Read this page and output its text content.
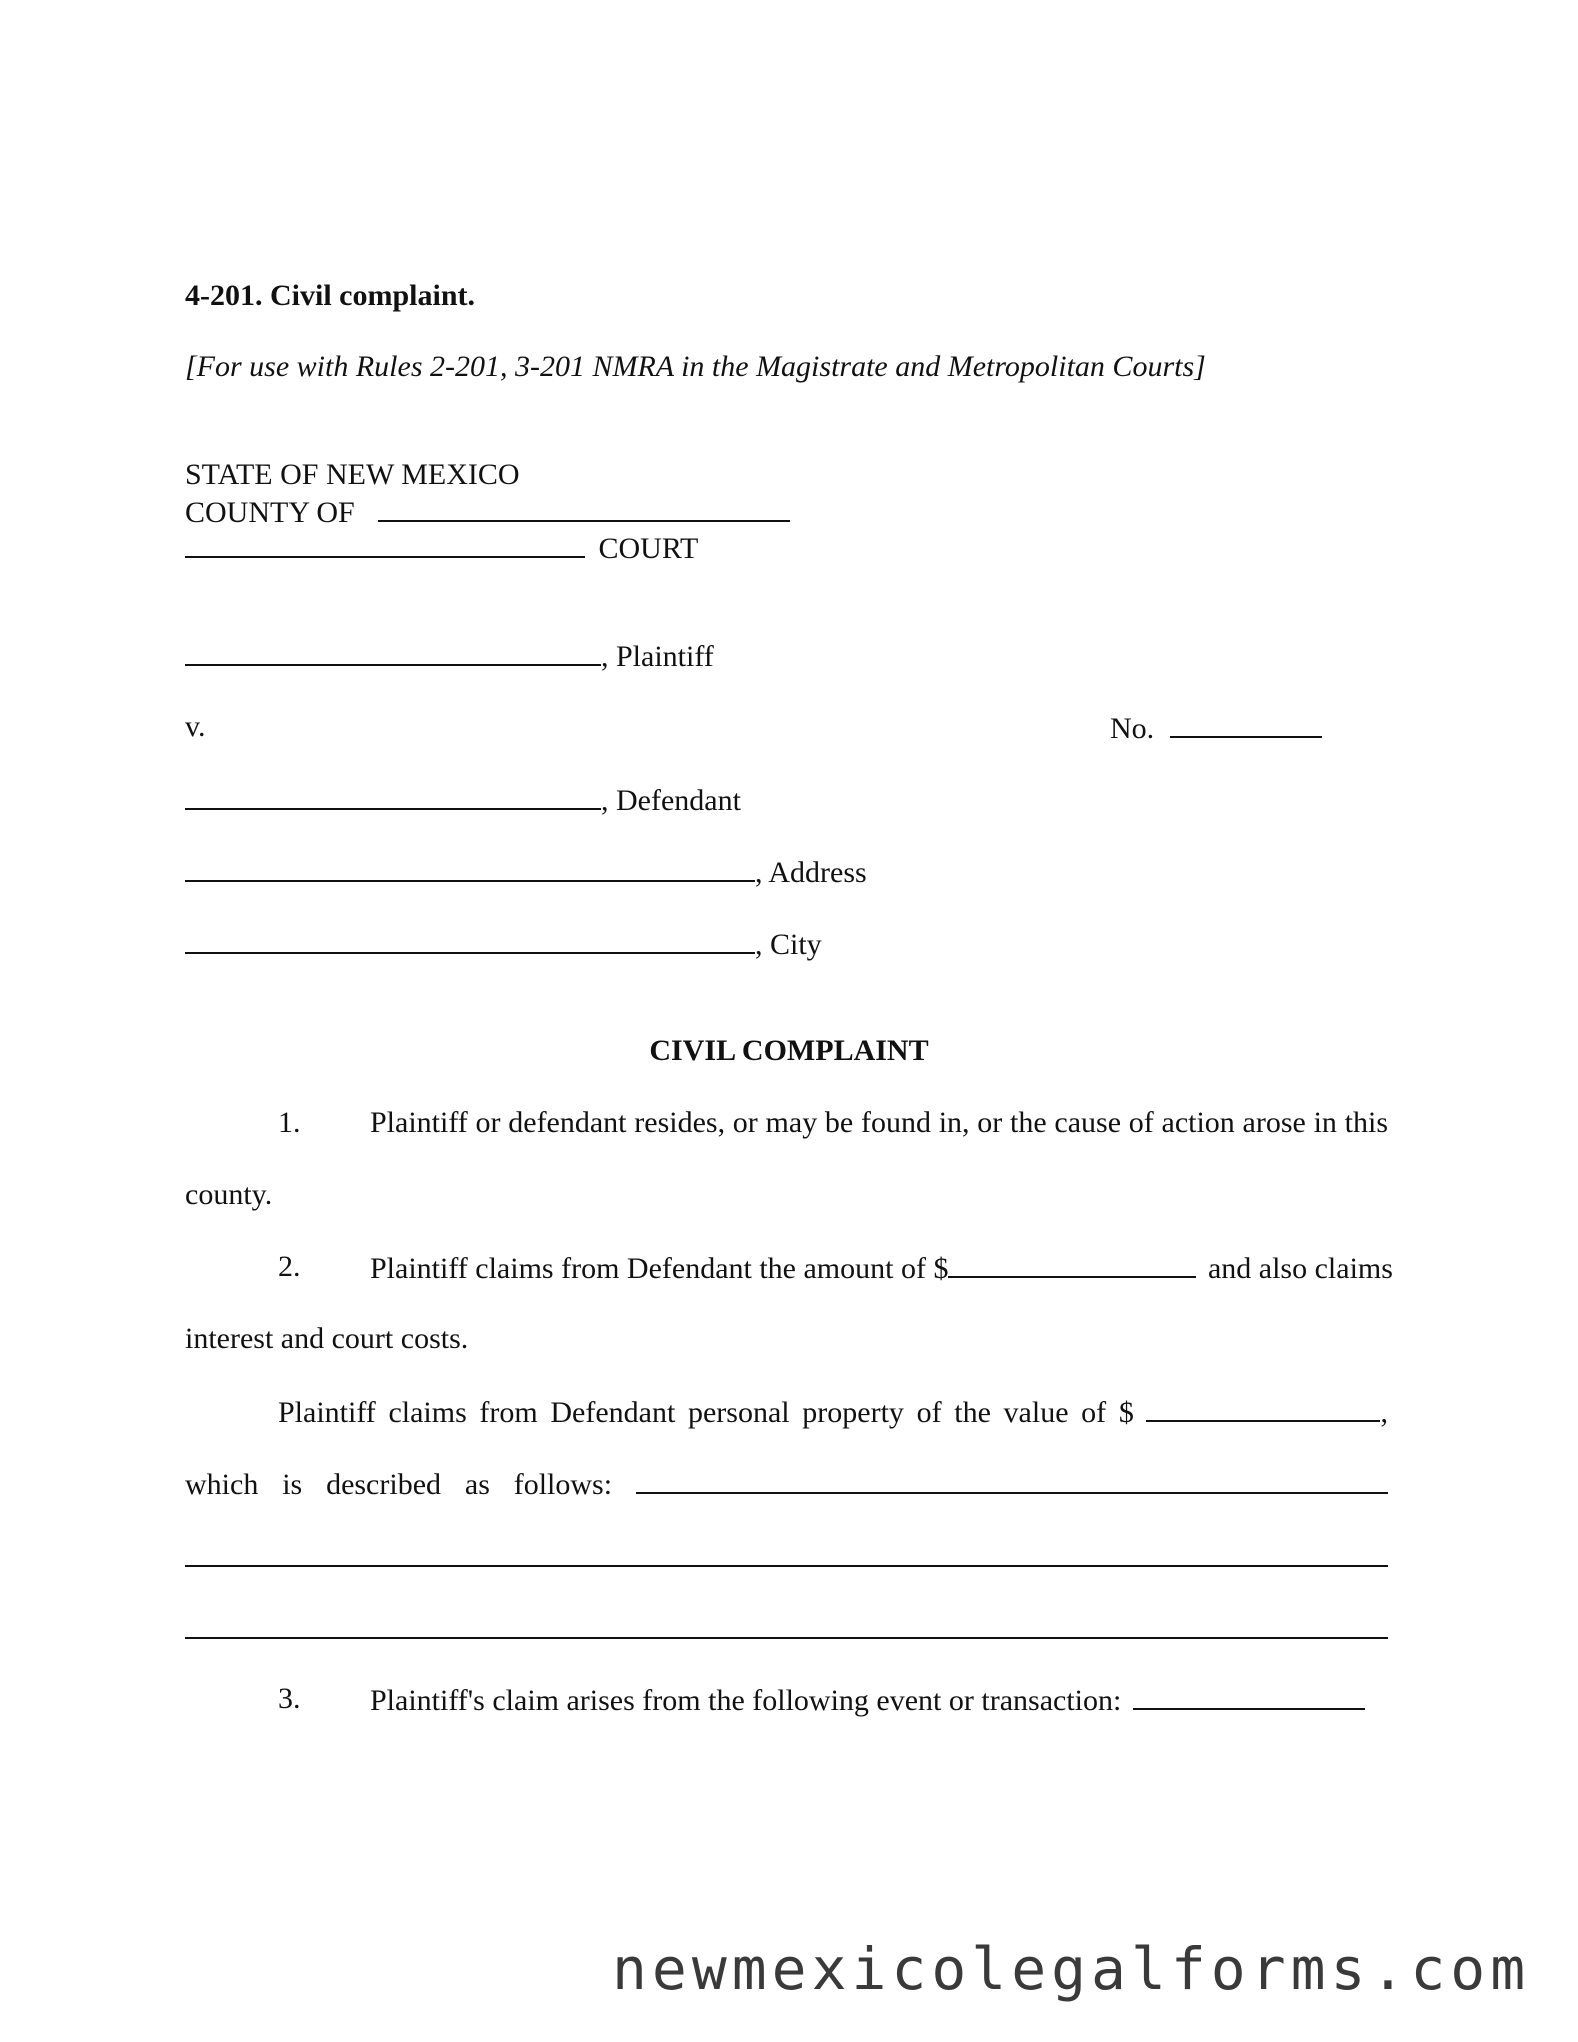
4-201. Civil complaint.
[For use with Rules 2-201, 3-201 NMRA in the Magistrate and Metropolitan Courts]
STATE OF NEW MEXICO
COUNTY OF
COURT
, Plaintiff
v.	No.
, Defendant
, Address
, City
CIVIL COMPLAINT
1. Plaintiff or defendant resides, or may be found in, or the cause of action arose in this
county.
2. Plaintiff claims from Defendant the amount of $	and also claims
interest and court costs.
Plaintiff claims from Defendant personal property of the value of $	,
which is described as follows:
3. Plaintiff's claim arises from the following event or transaction:
newmexicolegalforms.com
